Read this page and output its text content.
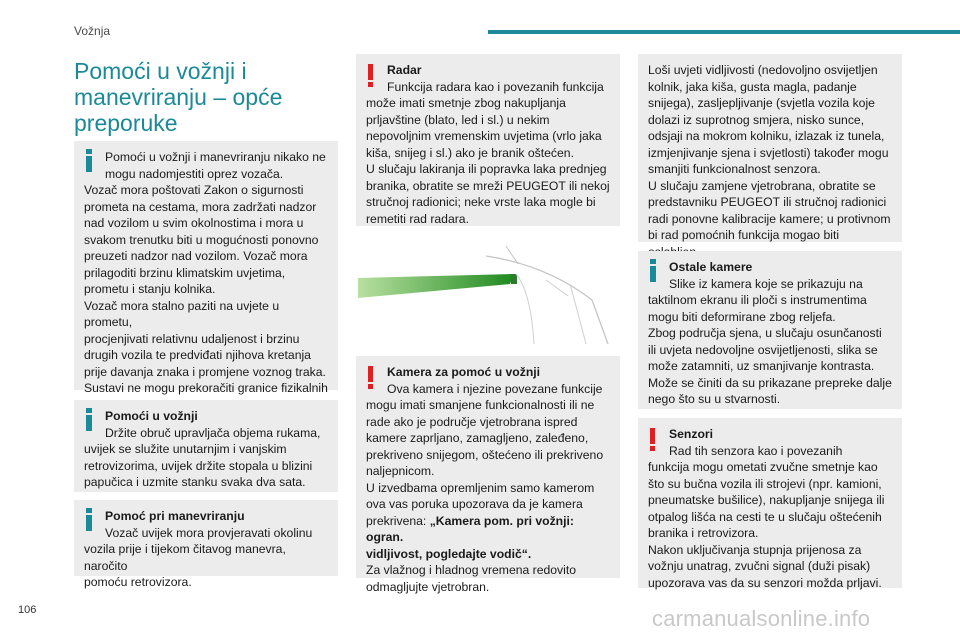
Vožnja
Pomoći u vožnji i manevriranju – opće preporuke

Pomoći u vožnji i manevriranju nikako ne

mogu nadomjestiti oprez vozača.

Vozač mora poštovati Zakon o sigurnosti

prometa na cestama, mora zadržati nadzor

nad vozilom u svim okolnostima i mora u

svakom trenutku biti u mogućnosti ponovno

preuzeti nadzor nad vozilom. Vozač mora

prilagoditi brzinu klimatskim uvjetima,

prometu i stanju kolnika.

Vozač mora stalno paziti na uvjete u prometu,

procjenjivati relativnu udaljenost i brzinu

drugih vozila te predviđati njihova kretanja

prije davanja znaka i promjene voznog traka.

Sustavi ne mogu prekoračiti granice fizikalnih

Pomoći u vožnji

Držite obruč upravljača objema rukama,

uvijek se služite unutarnjim i vanjskim

retrovizorima, uvijek držite stopala u blizini

papučica i uzmite stanku svaka dva sata.

Pomoć pri manevriranju

Vozač uvijek mora provjeravati okolinu

vozila prije i tijekom čitavog manevra, naročito

pomoću retrovizora.

Radar

Funkcija radara kao i povezanih funkcija

može imati smetnje zbog nakupljanja

prljavštine (blato, led i sl.) u nekim

nepovoljnim vremenskim uvjetima (vrlo jaka

kiša, snijeg i sl.) ako je branik oštećen.

U slučaju lakiranja ili popravka laka prednjeg

branika, obratite se mreži PEUGEOT ili nekoj

stručnoj radionici; neke vrste laka mogle bi

remetiti rad radara.

Kamera za pomoć u vožnji

Ova kamera i njezine povezane funkcije

mogu imati smanjene funkcionalnosti ili ne

rade ako je područje vjetrobrana ispred

kamere zaprljano, zamagljeno, zaleđeno,

prekriveno snijegom, oštećeno ili prekriveno

naljepnicom.

U izvedbama opremljenim samo kamerom

ova vas poruka upozorava da je kamera

prekrivena: „Kamera pom. pri vožnji: ogran.

vidljivost, pogledajte vodič“.

Za vlažnog i hladnog vremena redovito

odmagljujte vjetrobran.

Loši uvjeti vidljivosti (nedovoljno osvijetljen

kolnik, jaka kiša, gusta magla, padanje

snijega), zasljepljivanje (svjetla vozila koje

dolazi iz suprotnog smjera, nisko sunce,

odsjaji na mokrom kolniku, izlazak iz tunela,

izmjenjivanje sjena i svjetlosti) također mogu

smanjiti funkcionalnost senzora.

U slučaju zamjene vjetrobrana, obratite se

predstavniku PEUGEOT ili stručnoj radionici

radi ponovne kalibracije kamere; u protivnom

bi rad pomoćnih funkcija mogao biti

Ostale kamere

Slike iz kamera koje se prikazuju na

taktilnom ekranu ili ploči s instrumentima

mogu biti deformirane zbog reljefa.

Zbog područja sjena, u slučaju osunčanosti

ili uvjeta nedovoljne osvijetljenosti, slika se

može zatamniti, uz smanjivanje kontrasta.

Može se činiti da su prikazane prepreke dalje

nego što su u stvarnosti.

Senzori

Rad tih senzora kao i povezanih

funkcija mogu ometati zvučne smetnje kao

što su bučna vozila ili strojevi (npr. kamioni,

pneumatske bušilice), nakupljanje snijega ili

otpalog lišća na cesti te u slučaju oštećenih

branika i retrovizora.

Nakon uključivanja stupnja prijenosa za

vožnju unatrag, zvučni signal (duži pisak)

upozorava vas da su senzori možda prljavi.

106	carmanualsonline.info
